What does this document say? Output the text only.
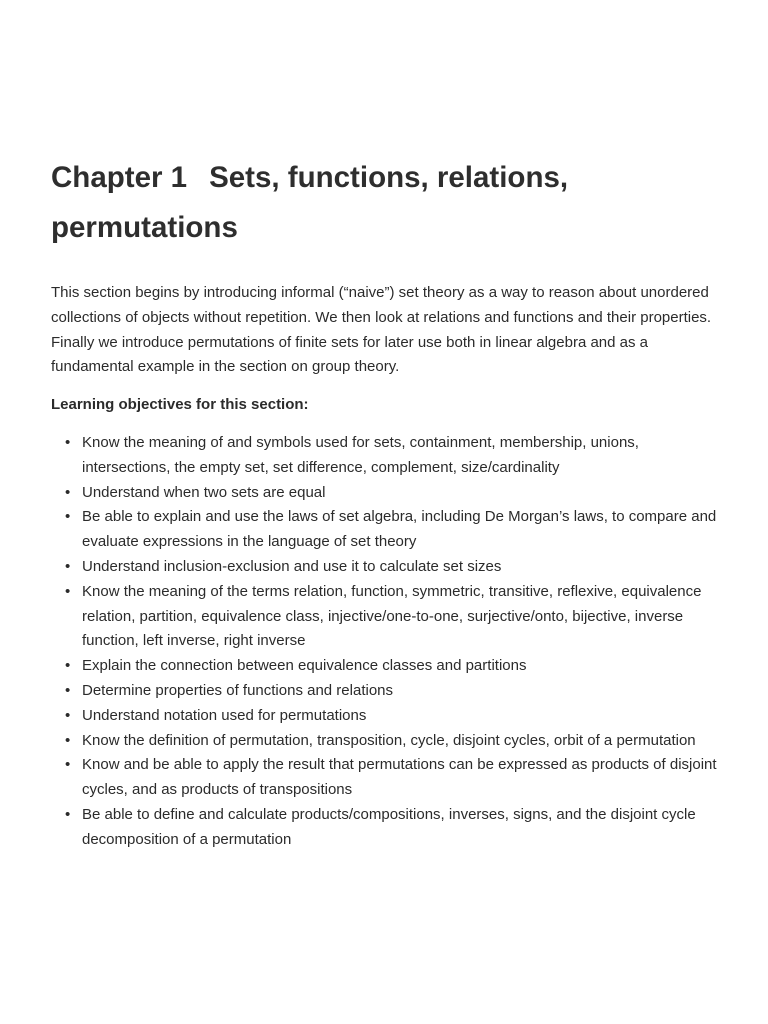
Chapter 1 Sets, functions, relations, permutations

This section begins by introducing informal (“naive”) set theory as a way to reason about unordered collections of objects without repetition. We then look at relations and functions and their properties. Finally we introduce permutations of finite sets for later use both in linear algebra and as a fundamental example in the section on group theory.

Learning objectives for this section:

• Know the meaning of and symbols used for sets, containment, membership, unions, intersections, the empty set, set difference, complement, size/cardinality
• Understand when two sets are equal
• Be able to explain and use the laws of set algebra, including De Morgan’s laws, to compare and evaluate expressions in the language of set theory
• Understand inclusion-exclusion and use it to calculate set sizes
• Know the meaning of the terms relation, function, symmetric, transitive, reflexive, equivalence relation, partition, equivalence class, injective/one-to-one, surjective/onto, bijective, inverse function, left inverse, right inverse
• Explain the connection between equivalence classes and partitions
• Determine properties of functions and relations
• Understand notation used for permutations
• Know the definition of permutation, transposition, cycle, disjoint cycles, orbit of a permutation
• Know and be able to apply the result that permutations can be expressed as products of disjoint cycles, and as products of transpositions
• Be able to define and calculate products/compositions, inverses, signs, and the disjoint cycle decomposition of a permutation
